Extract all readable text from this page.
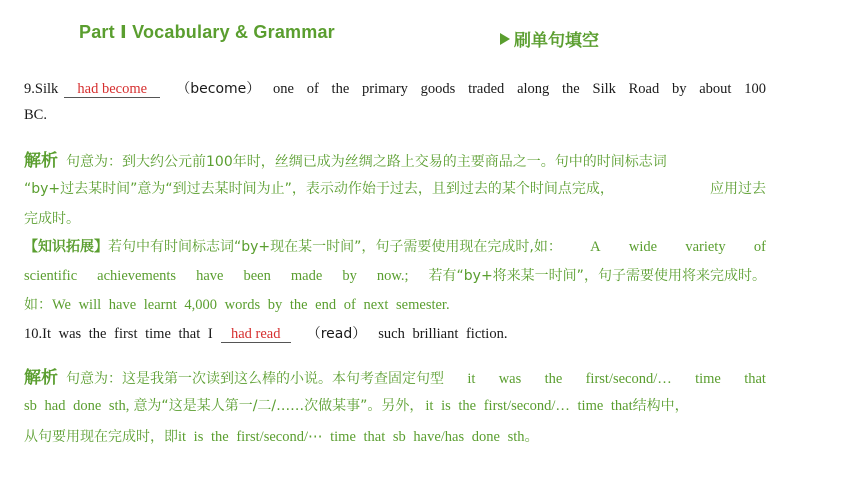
Part Ⅰ Vocabulary & Grammar	刷单句填空
9.Silk	had become	（become） one of the primary goods traded along the Silk Road by about 100
BC.
解析 句意为：到大约公元前100年时，丝绸已成为丝绸之路上交易的主要商品之一。句中的时间标志词
“by+过去某时间”意为“到过去某时间为止”，表示动作始于过去，且到过去的某个时间点完成，	应用过去
完成时。
【知识拓展】 若句中有时间标志词“by+现在某一时间”，句子需要使用现在完成时,如： A wide variety of
scientific achievements have been made by now.; 若有“by+将来某一时间”，句子需要使用将来完成时。
如： We will have learnt 4,000 words by the end of next semester.
10.It was the first time that I	had read	（read） such brilliant fiction.
解析 句意为：这是我第一次读到这么棒的小说。本句考查固定句型 it was the first/second/… time that
sb had done sth, 意为“这是某人第一/二/……次做某事”。另外， it is the first/second/… time that 结构中，
从句要用现在完成时，即 it is the first/second/⋯ time that sb have/has done sth。
